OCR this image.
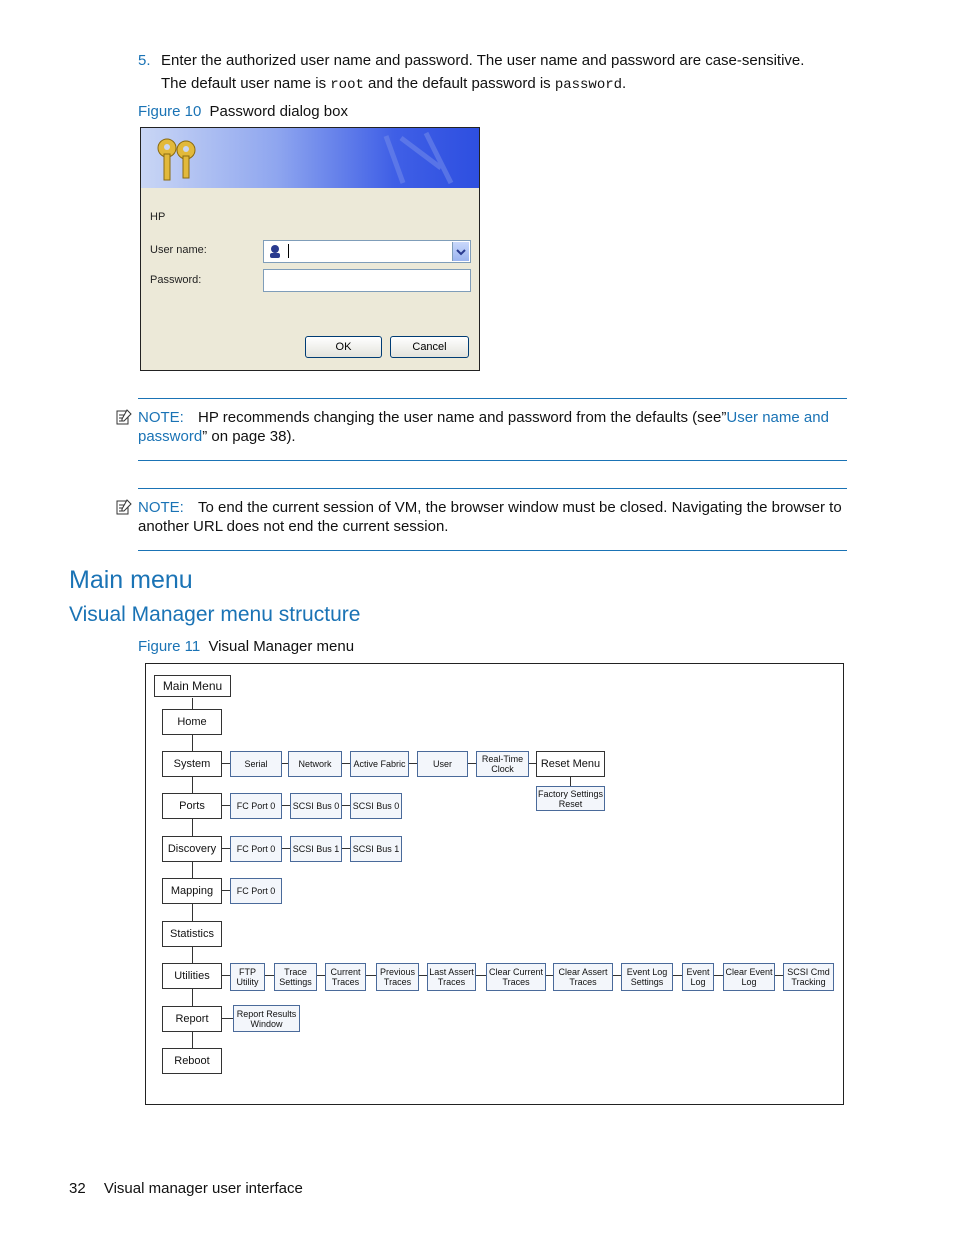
5. Enter the authorized user name and password. The user name and password are case-sensitive.
The default user name is root and the default password is password.
Figure 10 Password dialog box
HP
User name:
Password:
OK	Cancel
NOTE: HP recommends changing the user name and password from the defaults (see”User name and
password” on page 38).
NOTE: To end the current session of VM, the browser window must be closed. Navigating the browser to
another URL does not end the current session.
Main menu
Visual Manager menu structure
Figure 11 Visual Manager menu
Main Menu
Home
System
Ports
Discovery
Mapping
Statistics
Utilities
Report
Reboot
Serial	Network	Active Fabric	User	Real-Time Clock	Reset Menu
Factory Settings Reset
FC Port 0	SCSI Bus 0	SCSI Bus 0
FC Port 0	SCSI Bus 1	SCSI Bus 1
FC Port 0
FTP Utility
Trace Settings
Current Traces
Previous Traces
Last Assert Traces
Clear Current Traces
Clear Assert Traces
Event Log Settings
Event Log
Clear Event Log
SCSI Cmd Tracking
Report Results Window
32 Visual manager user interface
